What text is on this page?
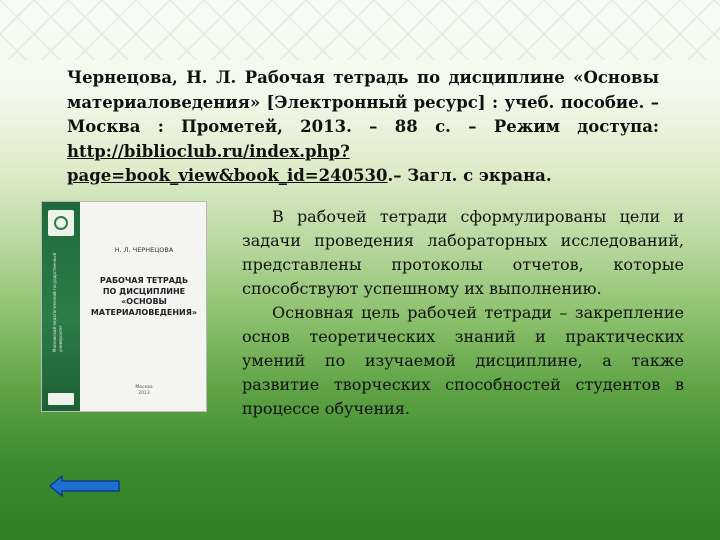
Чернецова, Н. Л. Рабочая тетрадь по дисциплине «Основы материаловедения» [Электронный ресурс] : учеб. пособие. – Москва : Прометей, 2013. – 88 с. – Режим доступа: http://biblioclub.ru/index.php?page=book_view&book_id=240530.– Загл. с экрана.
Московский педагогический государственный университет
Н. Л. ЧЕРНЕЦОВА
РАБОЧАЯ ТЕТРАДЬ
ПО ДИСЦИПЛИНЕ
«ОСНОВЫ
МАТЕРИАЛОВЕДЕНИЯ»
Москва
2013

В рабочей тетради сформулированы цели и задачи проведения лабораторных исследований, представлены протоколы отчетов, которые способствуют успешному их выполнению.

Основная цель рабочей тетради – закрепление основ теоретических знаний и практических умений по изучаемой дисциплине, а также развитие творческих способностей студентов в процессе обучения.
